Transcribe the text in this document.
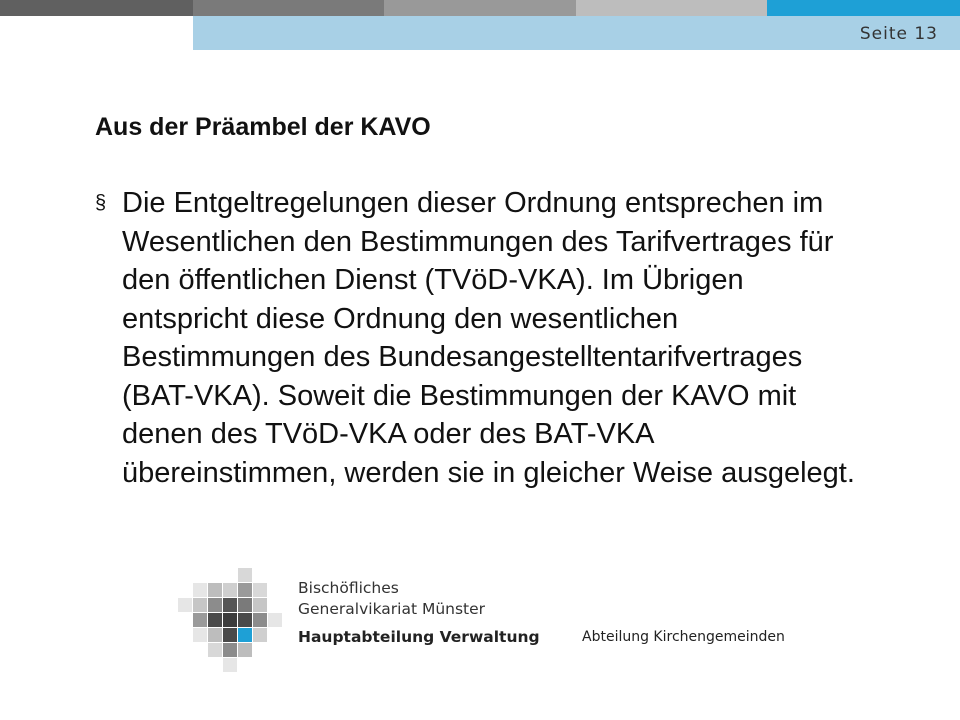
Seite 13
Aus der Präambel der KAVO
§ Die Entgeltregelungen dieser Ordnung entsprechen im Wesentlichen den Bestimmungen des Tarifvertrages für den öffentlichen Dienst (TVöD-VKA). Im Übrigen entspricht diese Ordnung den wesentlichen Bestimmungen des Bundesangestelltentarifvertrages (BAT-VKA). Soweit die Bestimmungen der KAVO mit denen des TVöD-VKA oder des BAT-VKA übereinstimmen, werden sie in gleicher Weise ausgelegt.

Bischöfliches
Generalvikariat Münster
Hauptabteilung Verwaltung	Abteilung Kirchengemeinden
